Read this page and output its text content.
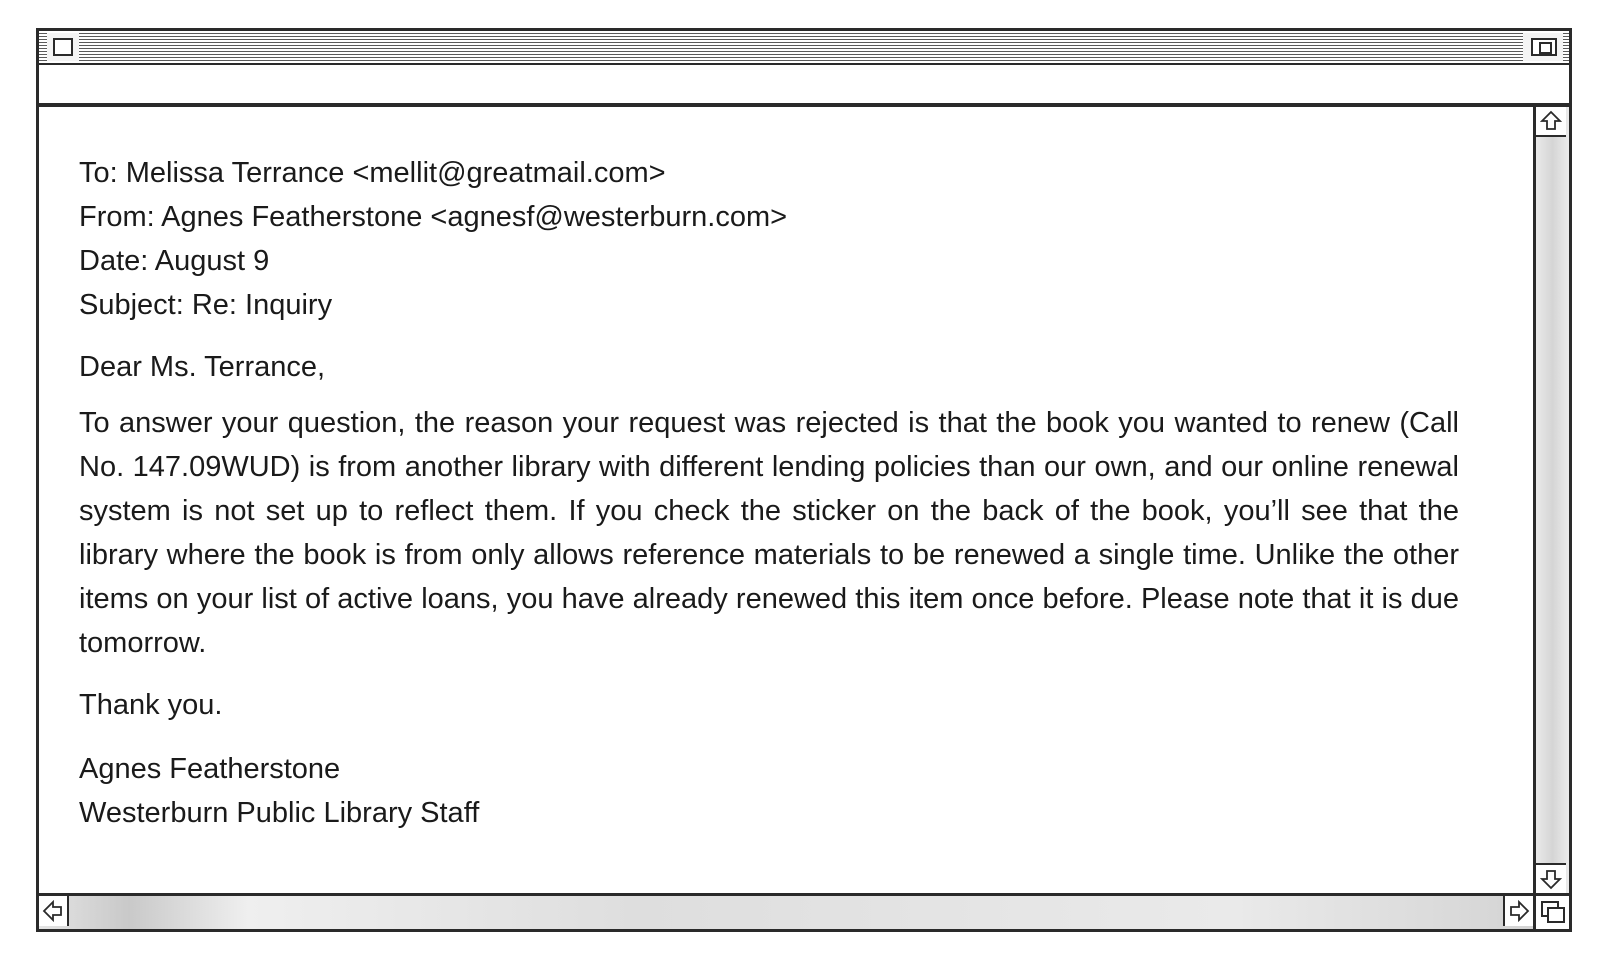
To: Melissa Terrance <mellit@greatmail.com>
From: Agnes Featherstone <agnesf@westerburn.com>
Date: August 9
Subject: Re: Inquiry
Dear Ms. Terrance,
To answer your question, the reason your request was rejected is that the book you wanted to renew (Call No. 147.09WUD) is from another library with different lending policies than our own, and our online renewal system is not set up to reflect them. If you check the sticker on the back of the book, you’ll see that the library where the book is from only allows reference materials to be renewed a single time. Unlike the other items on your list of active loans, you have already renewed this item once before. Please note that it is due tomorrow.
Thank you.
Agnes Featherstone
Westerburn Public Library Staff
